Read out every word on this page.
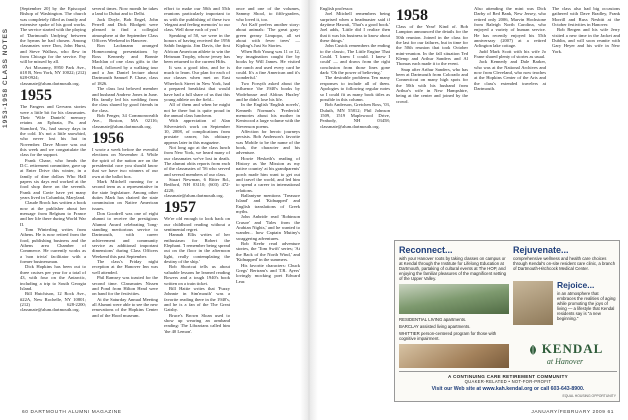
1953-1958 CLASS NOTES

[September 20] by the Episcopal Bishop of Washington. The church was completely filled as family and extensive spoke of his good works. The service started with the playing of 'Dartmouth Undying' between the hymns he had chosen. Among classmates were Don, John Hurst, and Steve Walluss, who flew in from Chicago for the service. Fay will be missed by all.

Art Mosonny, 8950 Park Ave., #18 B, New York, NY 10022; (212) 628-0924; classmate@alum.dartmouth.org.

1955

The Fangers and Gervans stories were a little bit for his classmates. Their 'Wife Daniels' memory retains an Ephrata, Pa. and Stamford, Va., had snowy days in the cold. It's not a little snowbird, who never lost his hat in November. Dave Moore was out this week and we congratulate the class for the support.

Frank Chase, who heads the D.C. retirement committee, gave up at Enter Drive this winter, in a family of dine dollars Who Hall papers six days end worked at the food shop there on the seventh. Frank and Cavie have yet many years lived in Columbia, Maryland.

Claude Brock has written a book now at the publisher about her message from Belgium to France and her life there during World War II.

Tom Winterling writes from Athens. He is now retired from the food, publishing business and the Athens area Chamber of Commerce. He currently works as a 'non trivia' facilitator with a former businessman.

Dick Hopkins has been out to three cruises per year for a total of 43, with four on the Antarctic, including a trip to South Georgia Island.

Bill Hutchison, 12 Rock Ave., #22A, New Rochelle, NY 10801; (212) 628-2200; classmate@alum.dartmouth.org.

several times. Now month he takes a land to Dubai and to Delhi.

Jack Doyle, Bob Engel, John Perrell and Dick Blodgett were pleased to find a collegial atmosphere at the September Class Officers Weekend in Hanover.

Ron Lackmann arranged Homecoming presentations by Ross Kennedy and Bonnie Machlan of one class gifts to the Hood, followed by a walking tour and a Jon Daniel lecture about Dartmouth Samuel P. Chase, class of 1826.

The class lost beloved member and husband Andrew Jones in June. His family led his wedding from the class shared by good friends in the class.

Bob Fenger, 34 Commonwealth Ave., Boston, MA 02116; classmate@alum.dartmouth.org.

1956

I wrote a week before the eventful elections on November 4. While the spirit of the nation are on the presidential race you should know that we have two winners of our own at the ballot box.

Mark Mitchell running for a second term as a representative in the state legislature. Among other duties Mark has chaired the state commission on Native American issues.

Don Goodrell was one of eight alumni to receive the prestigious Alumni Award celebrating 'long-standing meritorious service to Dartmouth, with career achievement and community service as additional important dimensions' during Class Officers Weekend this past September.

The class's Friday night reception at the Hanover Inn was well attended.

Phil Ramsey was toasted for the second time. Classmates Nissen and Pond from Hilton Head were on hand for the festivities.

At the Saturday Annual Meeting all Alumni were able to see the new renovations of the Hopkins Center and of the Hood museum.

effort to make our 50th and 55th reunions particularly important to us with the publishing of these two 'elegant and feeling memoirs' to our class. Well done each of you!

Speaking of 50, we were in the honors of having received the 1956 Sahib Insignia. Jim Davis, the first African American athlete to win the Heisman Trophy, whose jersey has been returned to the current Hifts.

It was a good idea, and he is much to learn. Our plan for each of our classes when met on East Wheelock Street in New York, had a prepared breakfast that would have had a full share of us that this young athlete on the field...

All of them and when he might not be there but is quite proud in the annual class luncheon.

With appreciation of Alan Silverstein's work on September 10, 2008, of complications from prostate cancer, his obituary appears later in this magazine.

Not long ago at the class lunch from New York, we heard many of our classmates we've lost in death. The alumni obits reports from each of the classmates of '56 who served and several members of our class.

Stuart Newman, 6 Ritter Rd., Bedford, NH 03110; (603) 472-4220; classmate@alum.dartmouth.org.

1957

We're old enough to look back on our childhood reading without a sentimental regret.

Hannah Ellis writes of her enthusiasm for Robert the Elephant. 'I remember being spread out on the floor in the afternoon light, really contemplating the destiny of the ship.'

Bob Shortcut tells us about valuable lessons he learned reading Bowers and a tough 1940's book written on a train ticket.

Bill Hattie writes that 'Fuzzy Johnnie in Sim'mouth' was a favorite reading there in the 1940's, and he is a fan of the The Great Gatsby.

Bruce's Brown Sloan used to show up wearing an armband reading: The Librarians called him 'the 40 Lemon'.

once and one of the volumes, Sammy Shool, to fifth-graders, who loved it, too.

Art Kaff prefers another story: about animals: 'The great gray-green greasy Limpopo, all set about with fever trees' — Kipling's Just So Stories.

When Bob Young was 11 or 12, 'my imagination caught fire by books by Will James. He visited the ranch and used every card he could. It's a fine American and it's wonderful.'

Two Forsyth asked about the influence 'the 1940's books by Wodehouse and Aldous Huxley' and he didn't lose his life.

In the English 'English novels', Kenneth Norman's 'Frederick' memories about his mother in Kentwood a large volume with the Stevenson poems.

Affection for heroic journeys persists. Bob Anderson's favorite was Mobile to be the name of the book, the character and his adventure.

Howie Hesketh's reading of History as 'the Mission as my native country' at his grandparents' porch made him want to get out and travel the world, and led him to spend a career in international relations.

Ballantyne mentions 'Treasure Island' and 'Kidnapped' and English translations of Greek myths.

John Anbride read 'Robinson Crusoe' and 'Tales from the Arabian Nights,' and he wanted to wander... how Captain Mutiny's swaggering adventures.

Bob Keehr read adventure stories, the 'Tom Swift' series; 'At the Back of the North Wind,' and 'Kidnapped' in the summers.

His favorite characters: Chuck Gregs' Bertram's and T.R. Ayers' lovingly mocking poet Edward Lear.

60 DARTMOUTH ALUMNI MAGAZINE

English professor.

Joel Mitchell remembers being surprised when a headmaster said if daytime Hawaii, 'That's a good book.' Joel adds, 'Little did I realize then that it was his business to know about these things.'

John Cusick remembers the ending to the classic, The Little Engine That Could. 'I knew I could. I knew I could' — and draws from the right conclusion from those lines gone dark: 'Oh the power of believing.'

The desirable problems Ten many responses to include all of them. Apologies to following regular notes so I could fit as many book titles as possible in this column.

Bob Anderson, Gretchen Ross, '03, Duluth, MN 55812; Phil Johnson 1509, 1519 Maplewood Drive, Peabody, NH 03458; classmate@alum.dartmouth.org.

1958

Class of the Year! Kind of. Bob Lampton announced the details for the 50th reunion. Joined in the class for the last for our failures, but in time for the 50th reunion that took October mini-reunion. In the fall situation Ted Klemp and Arthur Sanders and Al Thomas each made it to the event.

Snap after Arthur Sanders, who has been at Dartmouth from Colorado and Connecticut on many high spots for the 50th with his husband from Arthur's wife in New Hampshire, being at the center and joined by the crowd.

Also attending the mini was Dick Darby of Red Bank, New Jersey, who retired only 2006, Marvin Hochstone from Raleigh North Carolina, who enjoyed a variety of human service. He has recently enjoyed his 55th anniversary (2007) at a retired Arlington lake cottage.

Judd Mark Scott with his wife Jo Frane shared plenty of stories as usual.

Jack Kennedy and Dale Barker, who was at the National Archives and now from Cleveland, who now teaches at the Hopkins Center of the Arts and the class's extended travelers at Dartmouth.

The class also had big occasions gathered with Dave Bradley, Frank Morrill and Russ Nesbitt at the October festivities in Hanover.

Bob Bergen and his wife Jerry visited a new time in the Jacket and Dublin, and will soon reunite with Gary Heyer and his wife in New York.

Reconnect...
with your Hanover roots by taking classes on campus or at Kendal through the Institute for Lifelong Education at Dartmouth, partaking of cultural events at The HOP, and enjoying the familiar pleasures of the magnificent setting of the Upper Valley.
RESIDENTIAL LIVING apartments.
BARCLAY assisted living apartments.
WHITTIER person-centered program for those with cognitive impairment.
Rejuvenate...
comprehensive wellness and health care choices through Kendal's on-site resident care clinic, a branch of Dartmouth-Hitchcock Medical Center.
Rejoice...
in an atmosphere that embraces the realities of aging while promoting the joys of living — a lifestyle that Kendal residents say is "a new beginning."
KENDAL
at Hanover
A CONTINUING CARE RETIREMENT COMMUNITY
QUAKER-RELATED • NOT-FOR-PROFIT
Visit our Web site at www.kah.kendal.org or call 603-643-8900.
EQUAL HOUSING OPPORTUNITY
JANUARY/FEBRUARY 2009 61
